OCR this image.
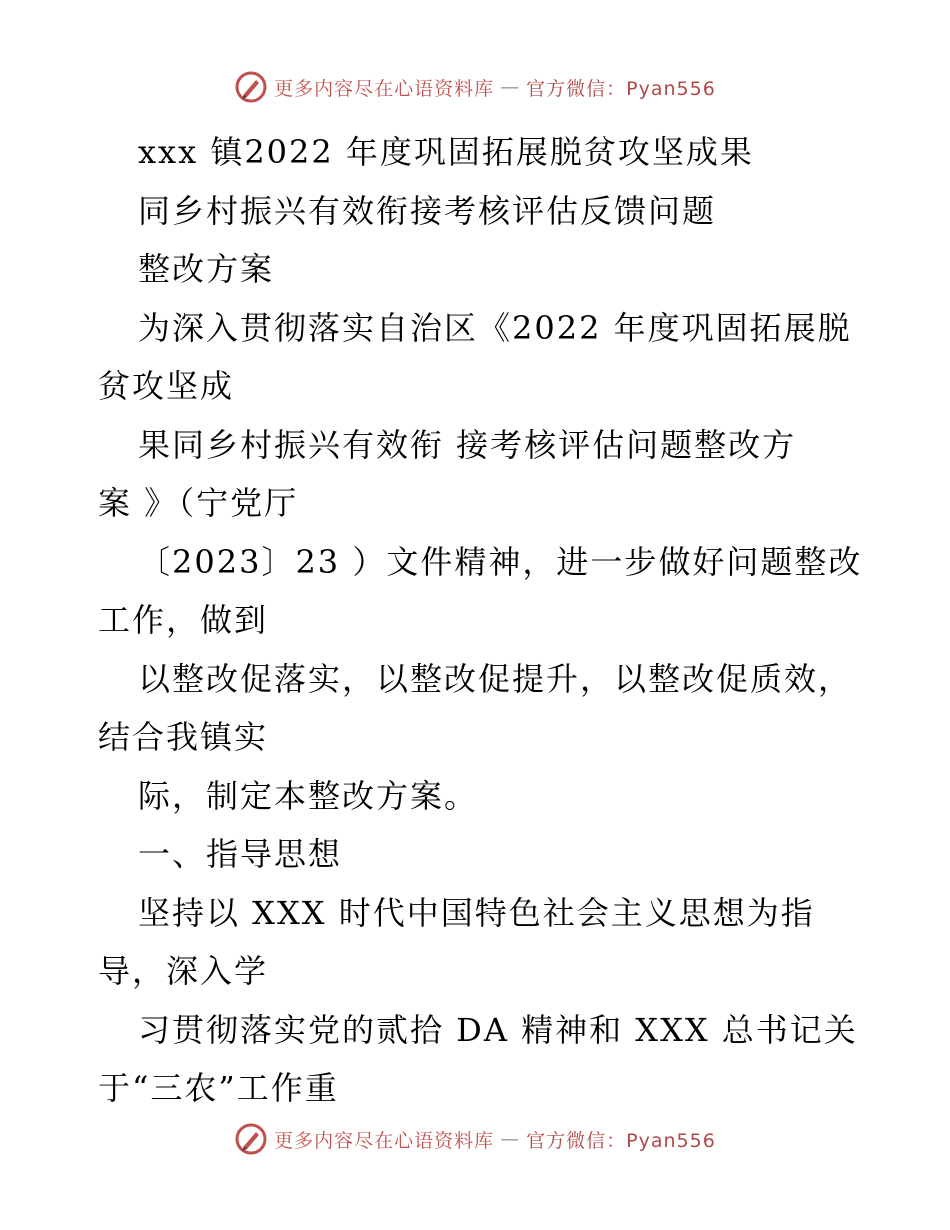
更多内容尽在心语资料库 — 官方微信：Pyan556
xxx 镇2022 年度巩固拓展脱贫攻坚成果
同乡村振兴有效衔接考核评估反馈问题
整改方案
为深入贯彻落实自治区《2022 年度巩固拓展脱
贫攻坚成
果同乡村振兴有效衔 接考核评估问题整改方
案 》（宁党厅
〔2023〕23 ）文件精神，进一步做好问题整改
工作，做到
以整改促落实，以整改促提升，以整改促质效，
结合我镇实
际，制定本整改方案。
一、指导思想
坚持以 XXX 时代中国特色社会主义思想为指
导，深入学
习贯彻落实党的贰拾 DA 精神和 XXX 总书记关
于“三农”工作重
更多内容尽在心语资料库 — 官方微信：Pyan556
